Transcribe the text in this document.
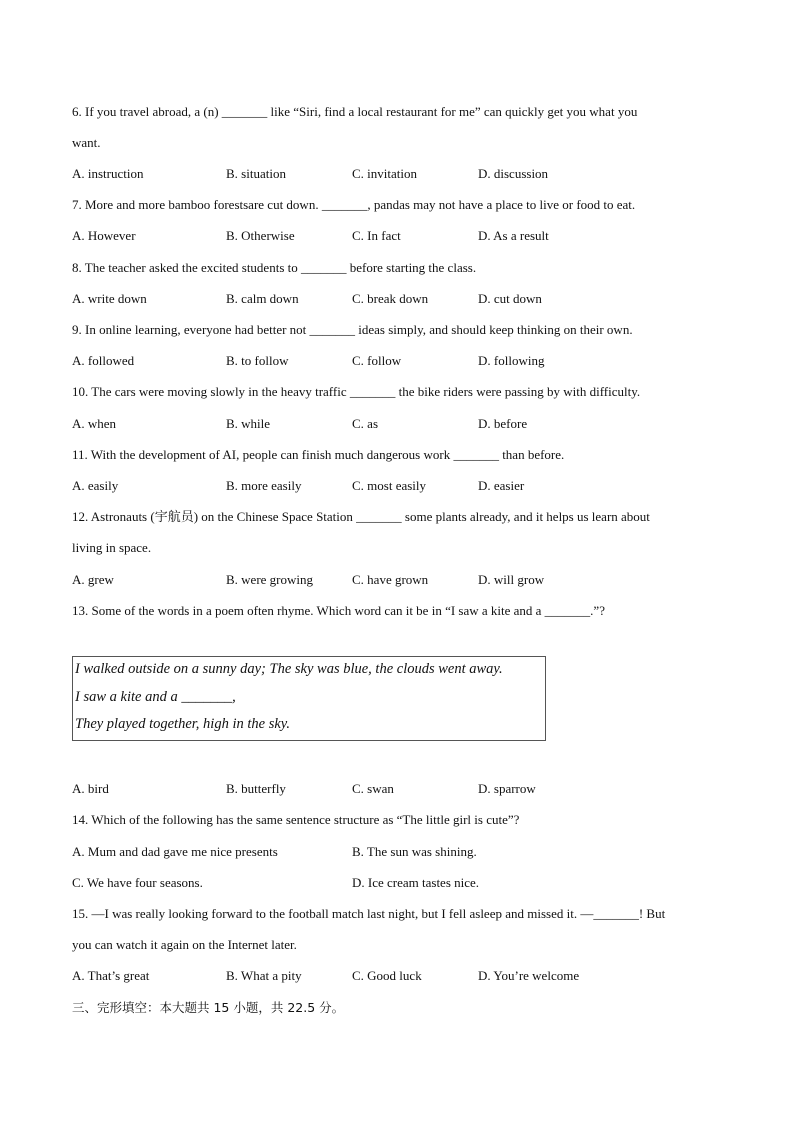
6. If you travel abroad, a (n) _______ like “Siri, find a local restaurant for me” can quickly get you what you
want.
A. instruction	B. situation	C. invitation	D. discussion
7. More and more bamboo forestsare cut down. _______, pandas may not have a place to live or food to eat.
A. However	B. Otherwise	C. In fact	D. As a result
8. The teacher asked the excited students to _______ before starting the class.
A. write down	B. calm down	C. break down	D. cut down
9. In online learning, everyone had better not _______ ideas simply, and should keep thinking on their own.
A. followed	B. to follow	C. follow	D. following
10. The cars were moving slowly in the heavy traffic _______ the bike riders were passing by with difficulty.
A. when	B. while	C. as	D. before
11. With the development of AI, people can finish much dangerous work _______ than before.
A. easily	B. more easily	C. most easily	D. easier
12. Astronauts (宇航员) on the Chinese Space Station _______ some plants already, and it helps us learn about
living in space.
A. grew	B. were growing	C. have grown	D. will grow
13. Some of the words in a poem often rhyme. Which word can it be in “I saw a kite and a _______.”?
I walked outside on a sunny day; The sky was blue, the clouds went away.
I saw a kite and a _______,
They played together, high in the sky.
A. bird	B. butterfly	C. swan	D. sparrow
14. Which of the following has the same sentence structure as “The little girl is cute”?
A. Mum and dad gave me nice presents	B. The sun was shining.
C. We have four seasons.	D. Ice cream tastes nice.
15. —I was really looking forward to the football match last night, but I fell asleep and missed it. —_______! But
you can watch it again on the Internet later.
A. That’s great	B. What a pity	C. Good luck	D. You’re welcome
三、完形填空：本大题共 15 小题，共 22.5 分。
